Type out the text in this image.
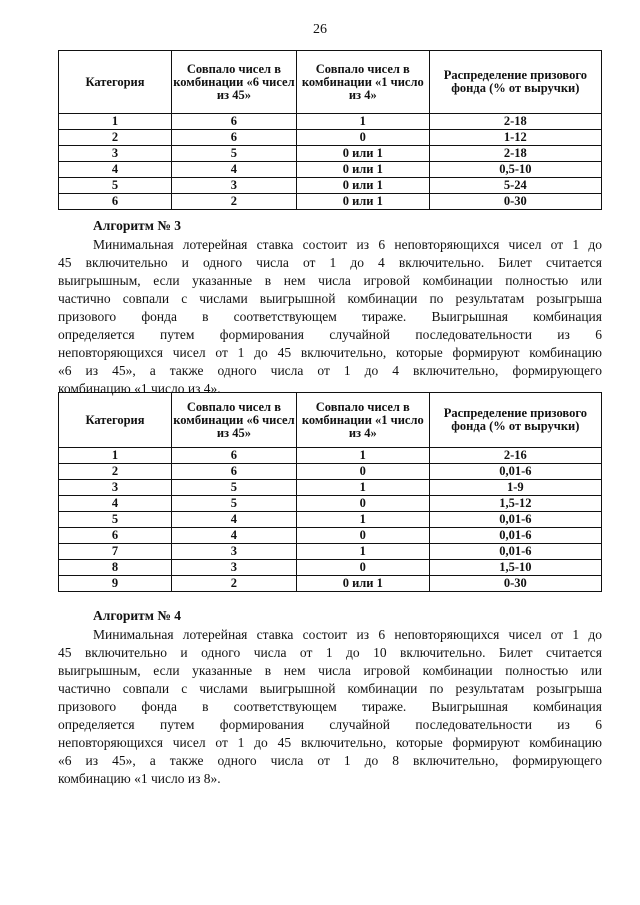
26
Категория	Совпало чисел в комбинации «6 чисел из 45»	Совпало чисел в комбинации «1 число из 4»	Распределение призового фонда (% от выручки)
1	6	1	2-18
2	6	0	1-12
3	5	0 или 1	2-18
4	4	0 или 1	0,5-10
5	3	0 или 1	5-24
6	2	0 или 1	0-30
Алгоритм № 3
Минимальная лотерейная ставка состоит из 6 неповторяющихся чисел от 1 до
45 включительно и одного числа от 1 до 4 включительно. Билет считается
выигрышным, если указанные в нем числа игровой комбинации полностью или
частично совпали с числами выигрышной комбинации по результатам розыгрыша
призового фонда в соответствующем тираже. Выигрышная комбинация
определяется путем формирования случайной последовательности из 6
неповторяющихся чисел от 1 до 45 включительно, которые формируют комбинацию
«6 из 45», а также одного числа от 1 до 4 включительно, формирующего
комбинацию «1 число из 4».
Категория	Совпало чисел в комбинации «6 чисел из 45»	Совпало чисел в комбинации «1 число из 4»	Распределение призового фонда (% от выручки)
1	6	1	2-16
2	6	0	0,01-6
3	5	1	1-9
4	5	0	1,5-12
5	4	1	0,01-6
6	4	0	0,01-6
7	3	1	0,01-6
8	3	0	1,5-10
9	2	0 или 1	0-30
Алгоритм № 4
Минимальная лотерейная ставка состоит из 6 неповторяющихся чисел от 1 до
45 включительно и одного числа от 1 до 10 включительно. Билет считается
выигрышным, если указанные в нем числа игровой комбинации полностью или
частично совпали с числами выигрышной комбинации по результатам розыгрыша
призового фонда в соответствующем тираже. Выигрышная комбинация
определяется путем формирования случайной последовательности из 6
неповторяющихся чисел от 1 до 45 включительно, которые формируют комбинацию
«6 из 45», а также одного числа от 1 до 8 включительно, формирующего
комбинацию «1 число из 8».
